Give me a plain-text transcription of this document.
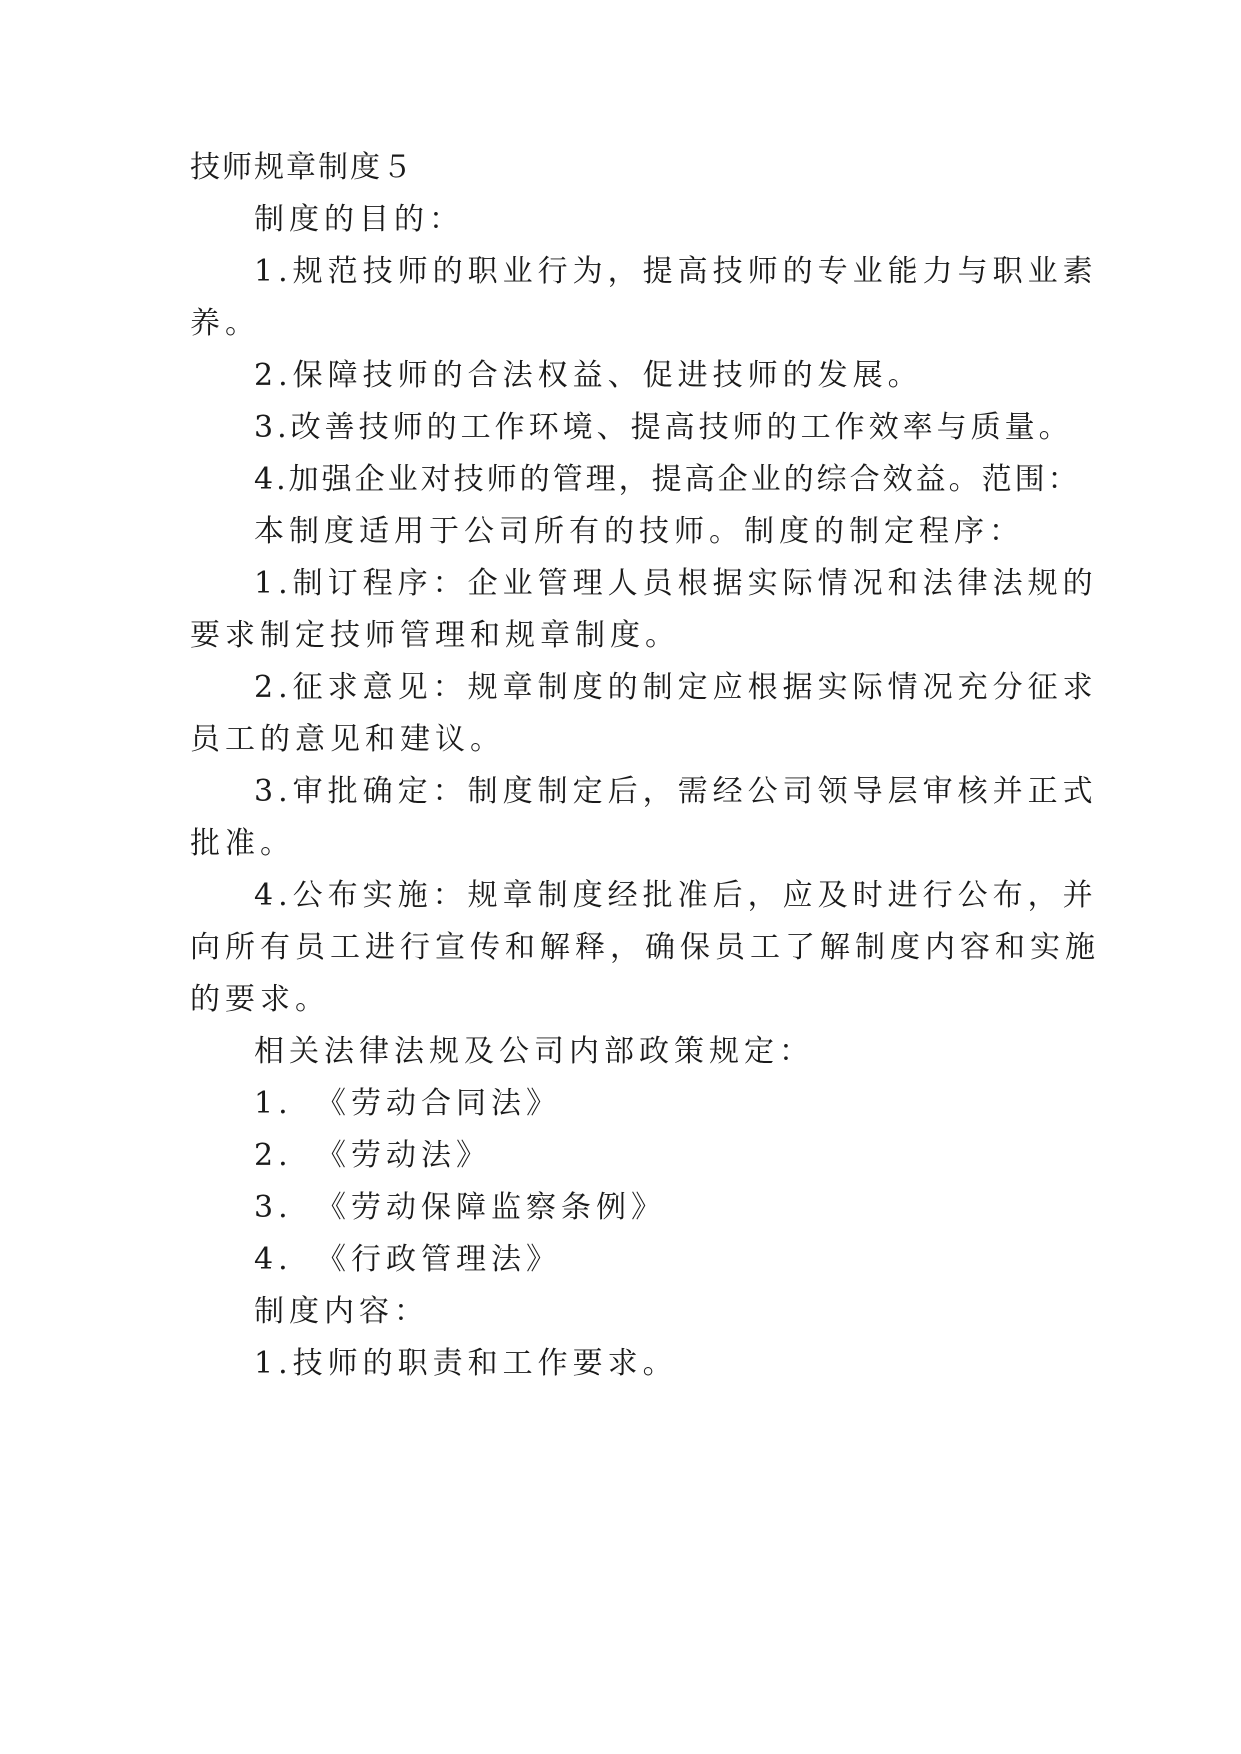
技师规章制度５
制度的目的：
1.规范技师的职业行为，提高技师的专业能力与职业素
养。
2.保障技师的合法权益、促进技师的发展。
3.改善技师的工作环境、提高技师的工作效率与质量。
4.加强企业对技师的管理，提高企业的综合效益。范围：
本制度适用于公司所有的技师。制度的制定程序：
1.制订程序：企业管理人员根据实际情况和法律法规的
要求制定技师管理和规章制度。
2.征求意见：规章制度的制定应根据实际情况充分征求
员工的意见和建议。
3.审批确定：制度制定后，需经公司领导层审核并正式
批准。
4.公布实施：规章制度经批准后，应及时进行公布，并
向所有员工进行宣传和解释，确保员工了解制度内容和实施
的要求。
相关法律法规及公司内部政策规定：
1. 《劳动合同法》
2. 《劳动法》
3. 《劳动保障监察条例》
4. 《行政管理法》
制度内容：
1.技师的职责和工作要求。
